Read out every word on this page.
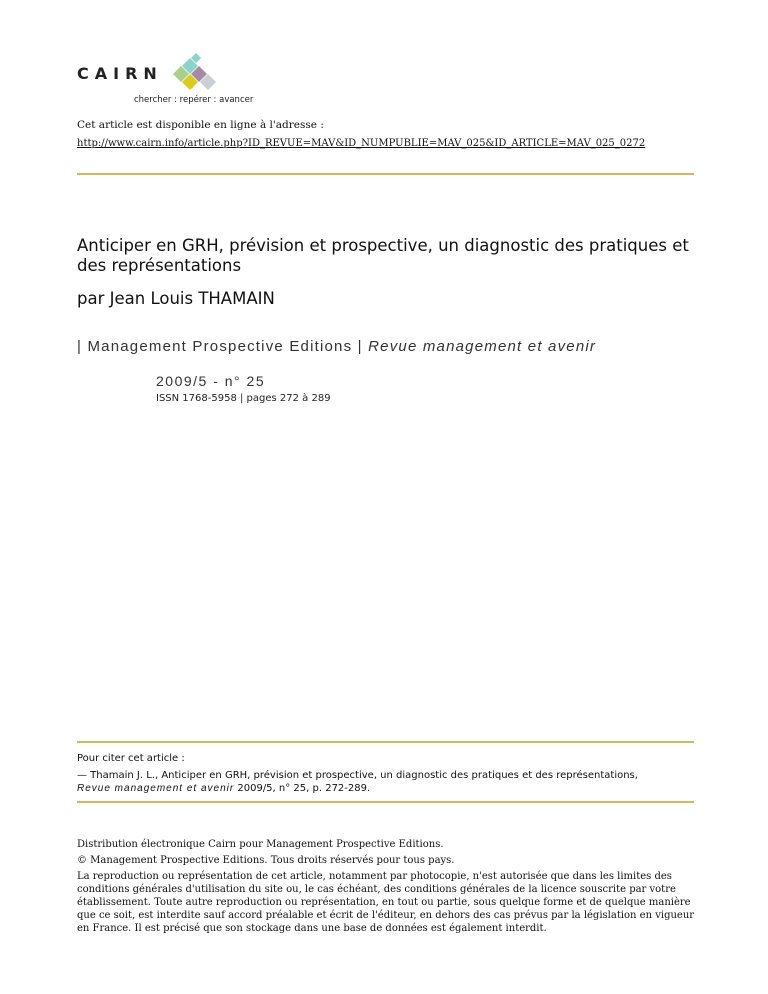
CAIRN
chercher : repérer : avancer
Cet article est disponible en ligne à l'adresse :
http://www.cairn.info/article.php?ID_REVUE=MAV&ID_NUMPUBLIE=MAV_025&ID_ARTICLE=MAV_025_0272
Anticiper en GRH, prévision et prospective, un diagnostic des pratiques et des représentations
par Jean Louis THAMAIN
| Management Prospective Editions | Revue management et avenir
2009/5 - n° 25
ISSN 1768-5958 | pages 272 à 289
Pour citer cet article :
— Thamain J. L., Anticiper en GRH, prévision et prospective, un diagnostic des pratiques et des représentations,
Revue management et avenir 2009/5, n° 25, p. 272-289.

Distribution électronique Cairn pour Management Prospective Editions.

© Management Prospective Editions. Tous droits réservés pour tous pays.

La reproduction ou représentation de cet article, notamment par photocopie, n'est autorisée que dans les limites des conditions générales d'utilisation du site ou, le cas échéant, des conditions générales de la licence souscrite par votre établissement. Toute autre reproduction ou représentation, en tout ou partie, sous quelque forme et de quelque manière que ce soit, est interdite sauf accord préalable et écrit de l'éditeur, en dehors des cas prévus par la législation en vigueur en France. Il est précisé que son stockage dans une base de données est également interdit.
